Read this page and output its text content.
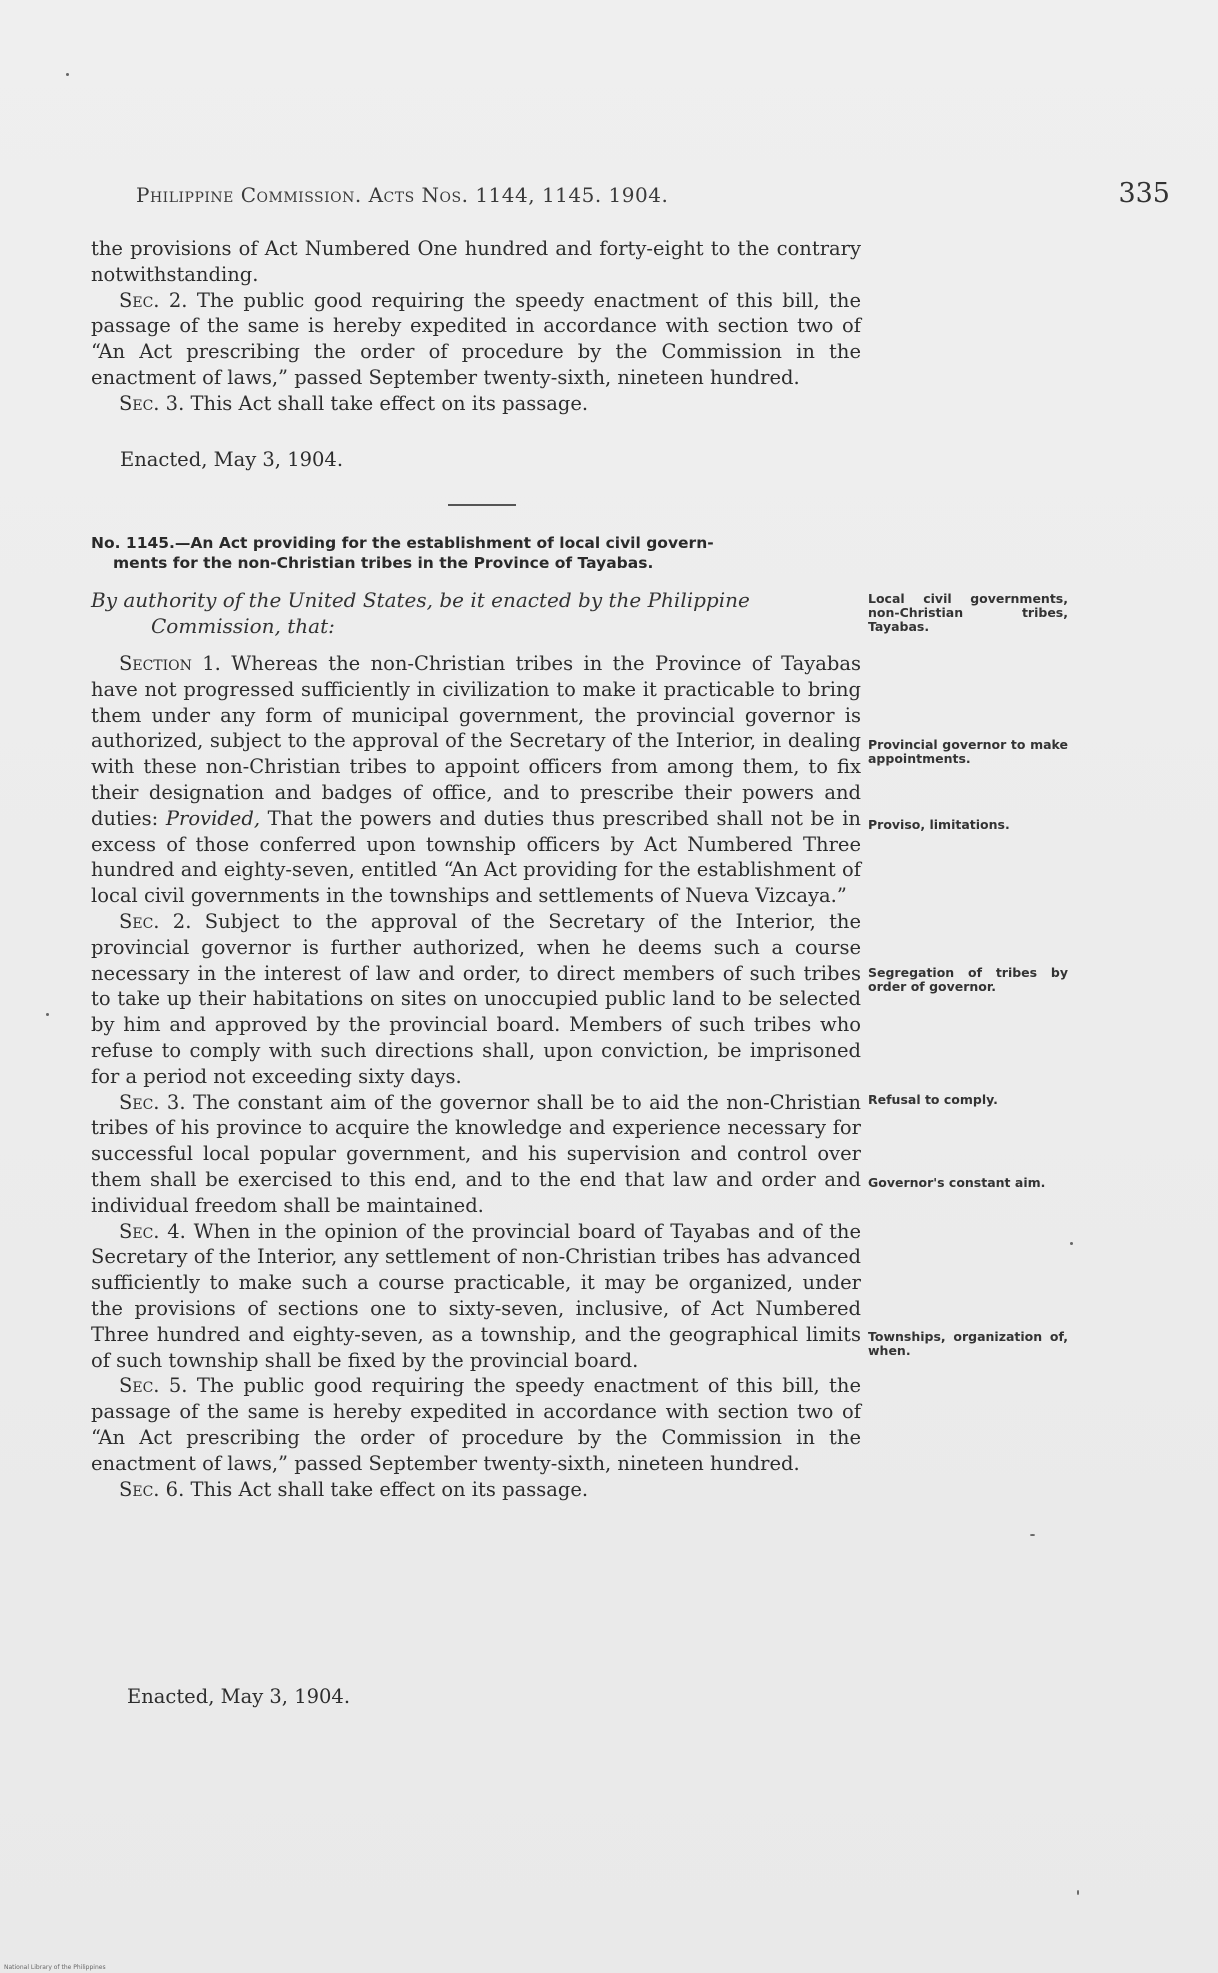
Philippine Commission. Acts Nos. 1144, 1145. 1904.	335

the provisions of Act Numbered One hundred and forty-eight to the contrary notwithstanding.

Sec. 2. The public good requiring the speedy enactment of this bill, the passage of the same is hereby expedited in accordance with section two of “An Act prescribing the order of procedure by the Commission in the enactment of laws,” passed September twenty-sixth, nineteen hundred.

Sec. 3. This Act shall take effect on its passage.

Enacted, May 3, 1904.
No. 1145.—An Act providing for the establishment of local civil govern-
ments for the non-Christian tribes in the Province of Tayabas.
By authority of the United States, be it enacted by the Philippine
Commission, that:

Section 1. Whereas the non-Christian tribes in the Province of Tayabas have not progressed sufficiently in civilization to make it practicable to bring them under any form of municipal government, the provincial governor is authorized, subject to the approval of the Secretary of the Interior, in dealing with these non-Christian tribes to appoint officers from among them, to fix their designation and badges of office, and to prescribe their powers and duties: Provided, That the powers and duties thus prescribed shall not be in excess of those conferred upon township officers by Act Numbered Three hundred and eighty-seven, entitled “An Act providing for the establishment of local civil governments in the townships and settlements of Nueva Vizcaya.”

Sec. 2. Subject to the approval of the Secretary of the Interior, the provincial governor is further authorized, when he deems such a course necessary in the interest of law and order, to direct members of such tribes to take up their habitations on sites on unoccupied public land to be selected by him and approved by the provincial board. Members of such tribes who refuse to comply with such directions shall, upon conviction, be imprisoned for a period not exceeding sixty days.

Sec. 3. The constant aim of the governor shall be to aid the non-Christian tribes of his province to acquire the knowledge and experience necessary for successful local popular government, and his supervision and control over them shall be exercised to this end, and to the end that law and order and individual freedom shall be maintained.

Sec. 4. When in the opinion of the provincial board of Tayabas and of the Secretary of the Interior, any settlement of non-Christian tribes has advanced sufficiently to make such a course practicable, it may be organized, under the provisions of sections one to sixty-seven, inclusive, of Act Numbered Three hundred and eighty-seven, as a township, and the geographical limits of such township shall be fixed by the provincial board.

Sec. 5. The public good requiring the speedy enactment of this bill, the passage of the same is hereby expedited in accordance with section two of “An Act prescribing the order of procedure by the Commission in the enactment of laws,” passed September twenty-sixth, nineteen hundred.

Sec. 6. This Act shall take effect on its passage.

Enacted, May 3, 1904.
Local civil governments, non-Christian tribes, Tayabas.
Provincial governor to make appointments.
Proviso, limitations.
Segregation of tribes by order of governor.
Refusal to comply.
Governor's constant aim.
Townships, organization of, when.
National Library of the Philippines
